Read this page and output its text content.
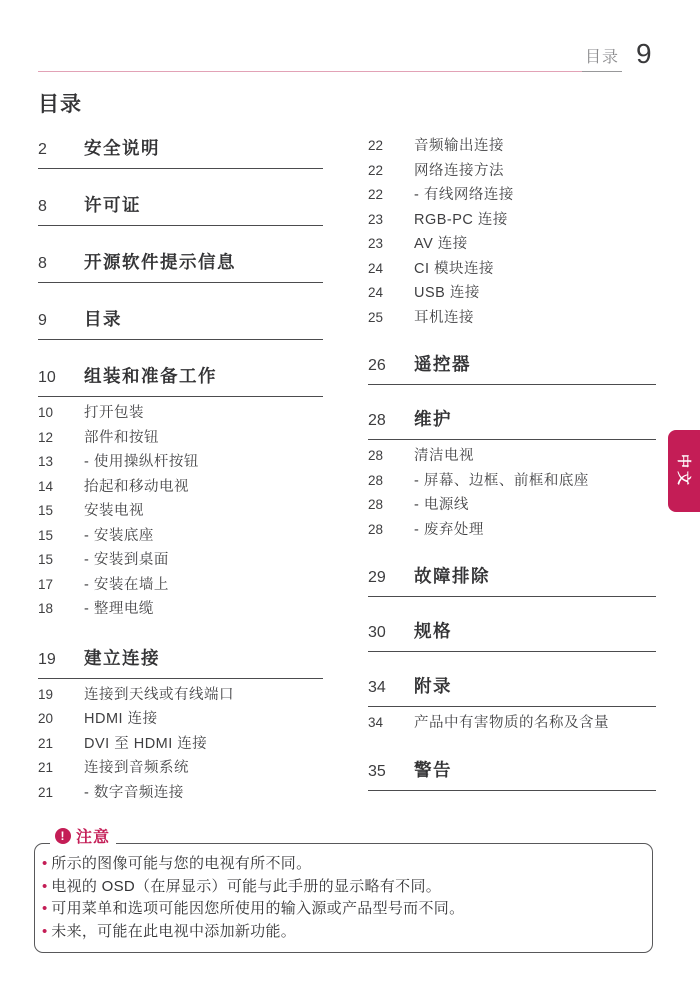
目录 9
目录
2	安全说明
8	许可证
8	开源软件提示信息
9	目录
10	组装和准备工作
10	打开包装
12	部件和按钮
13	- 使用操纵杆按钮
14	抬起和移动电视
15	安装电视
15	- 安装底座
15	- 安装到桌面
17	- 安装在墙上
18	- 整理电缆
19	建立连接
19	连接到天线或有线端口
20	HDMI 连接
21	DVI 至 HDMI 连接
21	连接到音频系统
21	- 数字音频连接
22	音频输出连接
22	网络连接方法
22	- 有线网络连接
23	RGB-PC 连接
23	AV 连接
24	CI 模块连接
24	USB 连接
25	耳机连接
26	遥控器
28	维护
28	清洁电视
28	- 屏幕、边框、前框和底座
28	- 电源线
28	- 废弃处理
29	故障排除
30	规格
34	附录
34	产品中有害物质的名称及含量
35	警告
中文
! 注意
• 所示的图像可能与您的电视有所不同。
• 电视的 OSD（在屏显示）可能与此手册的显示略有不同。
• 可用菜单和选项可能因您所使用的输入源或产品型号而不同。
• 未来，可能在此电视中添加新功能。
